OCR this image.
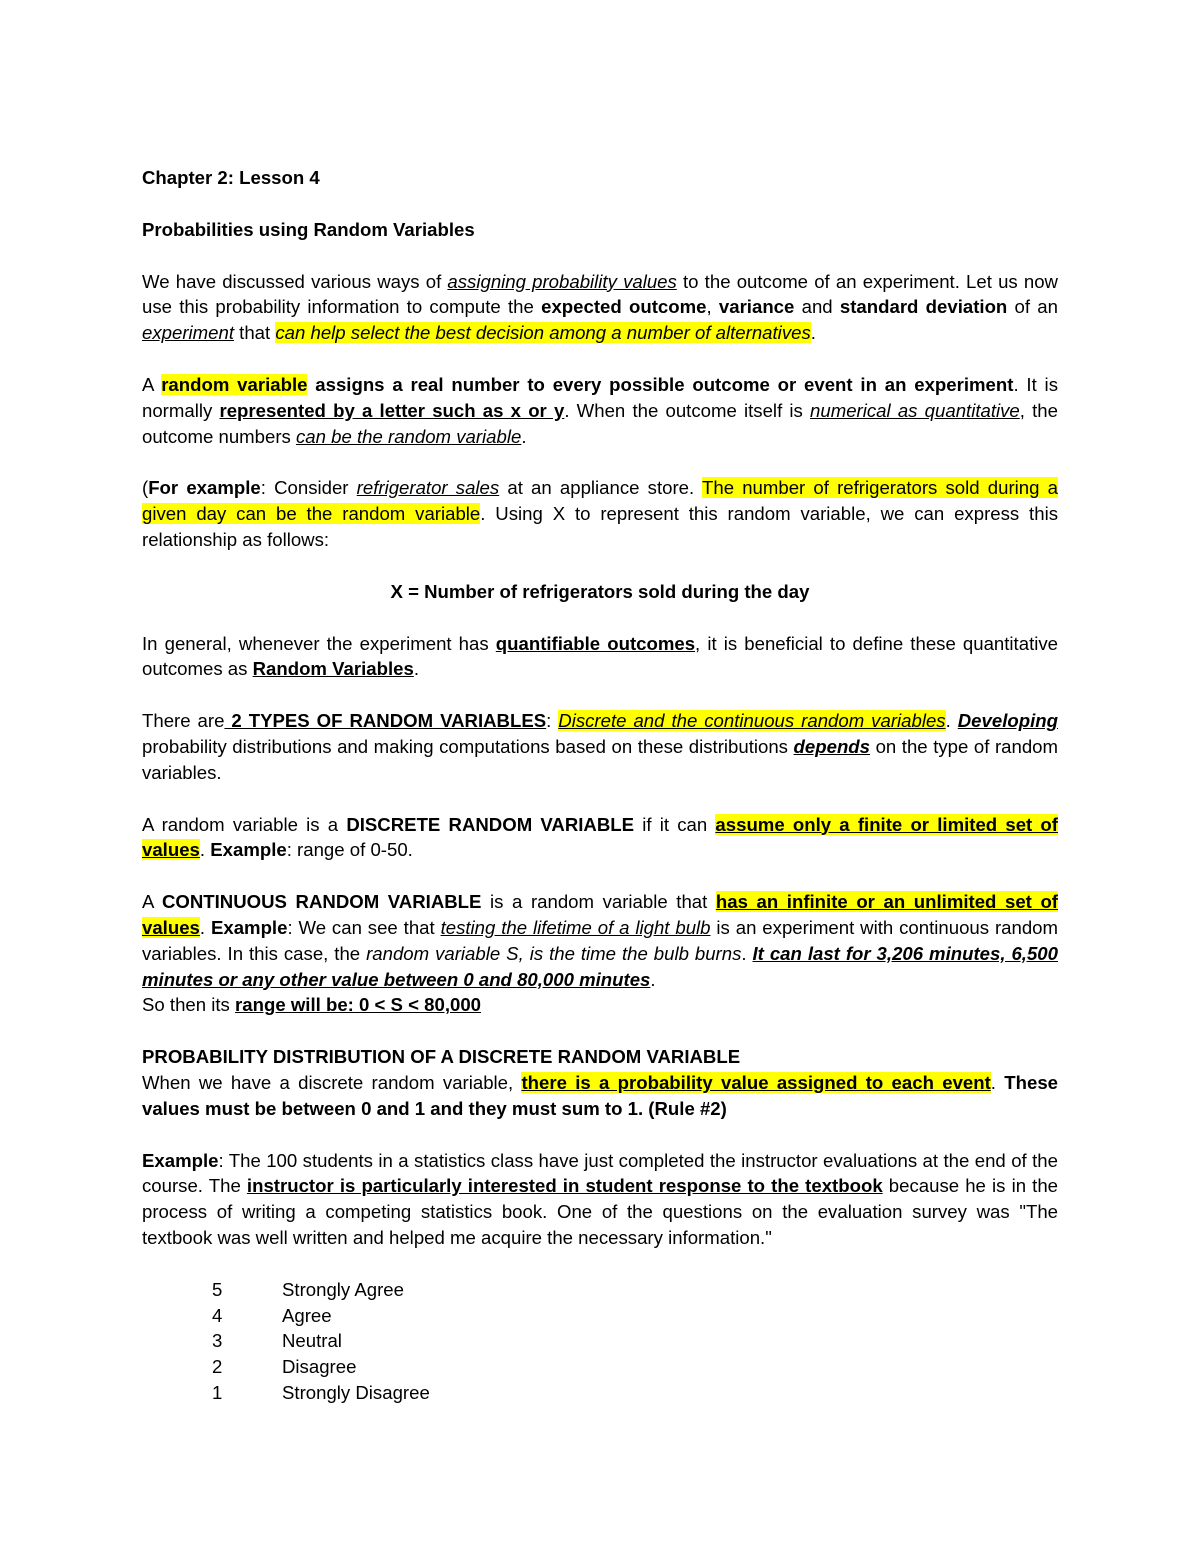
Chapter 2: Lesson 4

Probabilities using Random Variables

We have discussed various ways of assigning probability values to the outcome of an experiment. Let us now use this probability information to compute the expected outcome, variance and standard deviation of an experiment that can help select the best decision among a number of alternatives.

A random variable assigns a real number to every possible outcome or event in an experiment. It is normally represented by a letter such as x or y. When the outcome itself is numerical as quantitative, the outcome numbers can be the random variable.

(For example: Consider refrigerator sales at an appliance store. The number of refrigerators sold during a given day can be the random variable. Using X to represent this random variable, we can express this relationship as follows:

X = Number of refrigerators sold during the day

In general, whenever the experiment has quantifiable outcomes, it is beneficial to define these quantitative outcomes as Random Variables.

There are 2 TYPES OF RANDOM VARIABLES: Discrete and the continuous random variables. Developing probability distributions and making computations based on these distributions depends on the type of random variables.

A random variable is a DISCRETE RANDOM VARIABLE if it can assume only a finite or limited set of values. Example: range of 0-50.

A CONTINUOUS RANDOM VARIABLE is a random variable that has an infinite or an unlimited set of values. Example: We can see that testing the lifetime of a light bulb is an experiment with continuous random variables. In this case, the random variable S, is the time the bulb burns. It can last for 3,206 minutes, 6,500 minutes or any other value between 0 and 80,000 minutes.

So then its range will be: 0 < S < 80,000

PROBABILITY DISTRIBUTION OF A DISCRETE RANDOM VARIABLE
When we have a discrete random variable, there is a probability value assigned to each event. These values must be between 0 and 1 and they must sum to 1. (Rule #2)

Example: The 100 students in a statistics class have just completed the instructor evaluations at the end of the course. The instructor is particularly interested in student response to the textbook because he is in the process of writing a competing statistics book. One of the questions on the evaluation survey was "The textbook was well written and helped me acquire the necessary information."

5	Strongly Agree
4	Agree
3	Neutral
2	Disagree
1	Strongly Disagree
